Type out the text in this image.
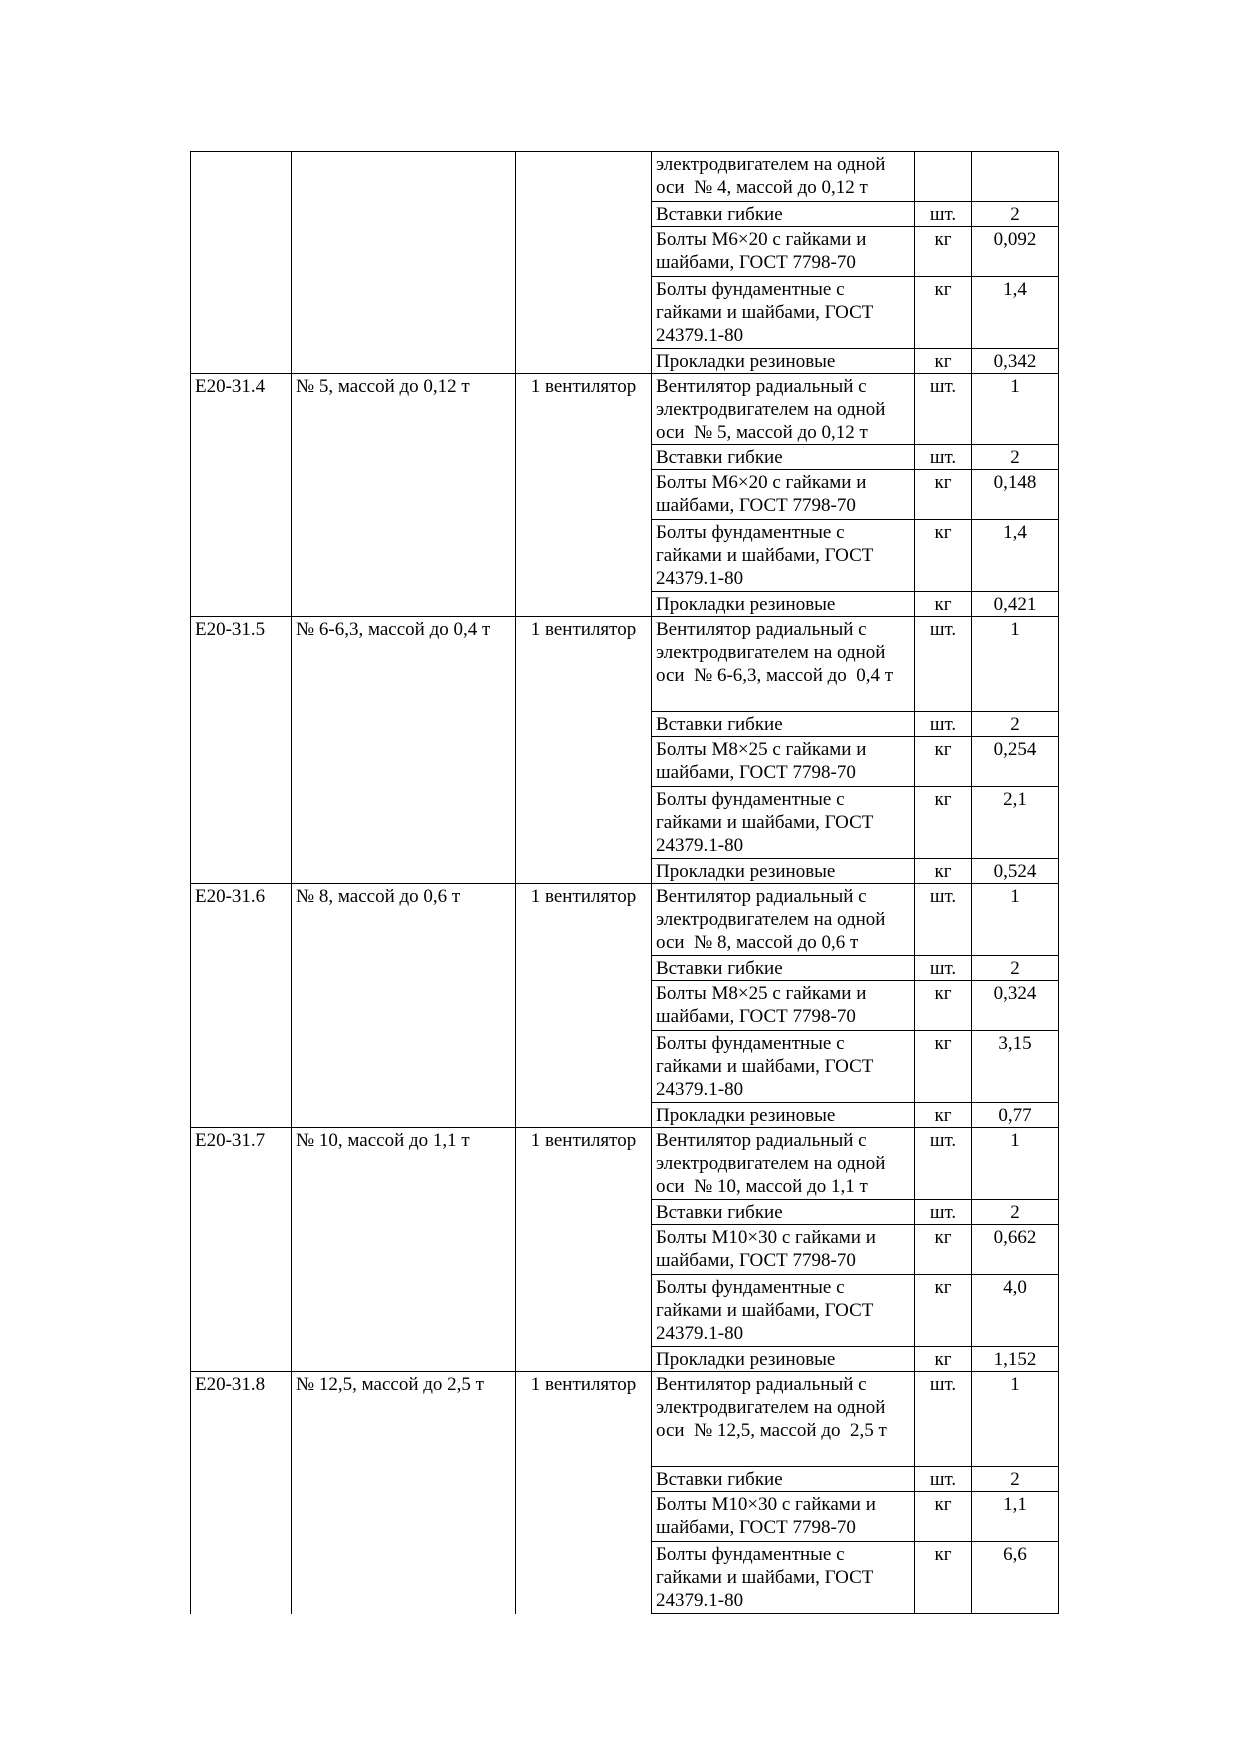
			электродвигателем на одной оси  № 4, массой до 0,12 т		
			Вставки гибкие	шт.	2
			Болты М6×20 с гайками и шайбами, ГОСТ 7798-70	кг	0,092
			Болты фундаментные с гайками и шайбами, ГОСТ 24379.1-80	кг	1,4
			Прокладки резиновые	кг	0,342
Е20-31.4	№ 5, массой до 0,12 т	1 вентилятор	Вентилятор радиальный с электродвигателем на одной оси  № 5, массой до 0,12 т	шт.	1
			Вставки гибкие	шт.	2
			Болты М6×20 с гайками и шайбами, ГОСТ 7798-70	кг	0,148
			Болты фундаментные с гайками и шайбами, ГОСТ 24379.1-80	кг	1,4
			Прокладки резиновые	кг	0,421
Е20-31.5	№ 6-6,3, массой до 0,4 т	1 вентилятор	Вентилятор радиальный с электродвигателем на одной оси  № 6-6,3, массой до  0,4 т	шт.	1
			Вставки гибкие	шт.	2
			Болты М8×25 с гайками и шайбами, ГОСТ 7798-70	кг	0,254
			Болты фундаментные с гайками и шайбами, ГОСТ 24379.1-80	кг	2,1
			Прокладки резиновые	кг	0,524
Е20-31.6	№ 8, массой до 0,6 т	1 вентилятор	Вентилятор радиальный с электродвигателем на одной оси  № 8, массой до 0,6 т	шт.	1
			Вставки гибкие	шт.	2
			Болты М8×25 с гайками и шайбами, ГОСТ 7798-70	кг	0,324
			Болты фундаментные с гайками и шайбами, ГОСТ 24379.1-80	кг	3,15
			Прокладки резиновые	кг	0,77
Е20-31.7	№ 10, массой до 1,1 т	1 вентилятор	Вентилятор радиальный с электродвигателем на одной оси  № 10, массой до 1,1 т	шт.	1
			Вставки гибкие	шт.	2
			Болты М10×30 с гайками и шайбами, ГОСТ 7798-70	кг	0,662
			Болты фундаментные с гайками и шайбами, ГОСТ 24379.1-80	кг	4,0
			Прокладки резиновые	кг	1,152
Е20-31.8	№ 12,5, массой до 2,5 т	1 вентилятор	Вентилятор радиальный с электродвигателем на одной оси  № 12,5, массой до  2,5 т	шт.	1
			Вставки гибкие	шт.	2
			Болты М10×30 с гайками и шайбами, ГОСТ 7798-70	кг	1,1
			Болты фундаментные с гайками и шайбами, ГОСТ 24379.1-80	кг	6,6
